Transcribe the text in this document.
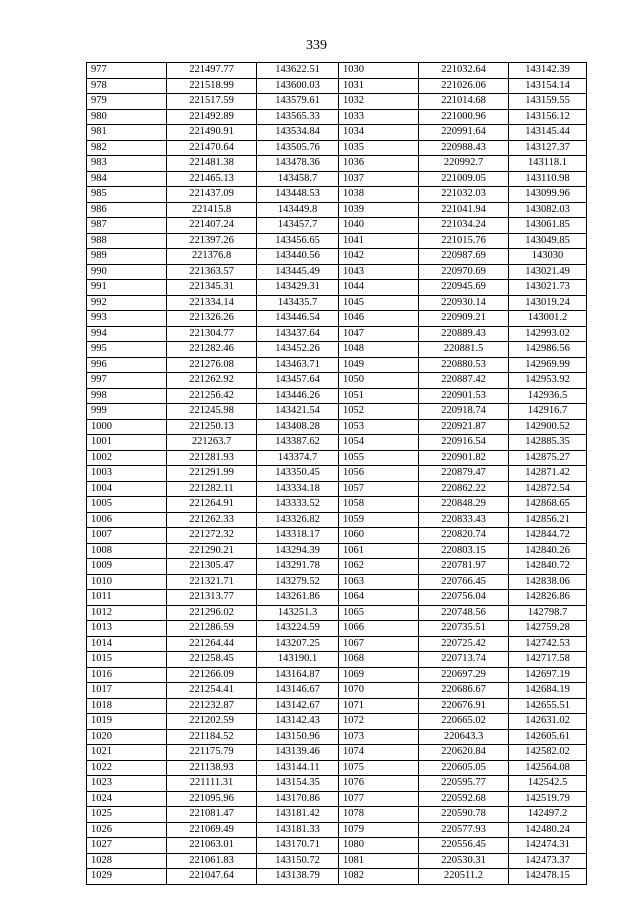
339
977	221497.77	143622.51	1030	221032.64	143142.39
978	221518.99	143600.03	1031	221026.06	143154.14
979	221517.59	143579.61	1032	221014.68	143159.55
980	221492.89	143565.33	1033	221000.96	143156.12
981	221490.91	143534.84	1034	220991.64	143145.44
982	221470.64	143505.76	1035	220988.43	143127.37
983	221481.38	143478.36	1036	220992.7	143118.1
984	221465.13	143458.7	1037	221009.05	143110.98
985	221437.09	143448.53	1038	221032.03	143099.96
986	221415.8	143449.8	1039	221041.94	143082.03
987	221407.24	143457.7	1040	221034.24	143061.85
988	221397.26	143456.65	1041	221015.76	143049.85
989	221376.8	143440.56	1042	220987.69	143030
990	221363.57	143445.49	1043	220970.69	143021.49
991	221345.31	143429.31	1044	220945.69	143021.73
992	221334.14	143435.7	1045	220930.14	143019.24
993	221326.26	143446.54	1046	220909.21	143001.2
994	221304.77	143437.64	1047	220889.43	142993.02
995	221282.46	143452.26	1048	220881.5	142986.56
996	221276.08	143463.71	1049	220880.53	142969.99
997	221262.92	143457.64	1050	220887.42	142953.92
998	221256.42	143446.26	1051	220901.53	142936.5
999	221245.98	143421.54	1052	220918.74	142916.7
1000	221250.13	143408.28	1053	220921.87	142900.52
1001	221263.7	143387.62	1054	220916.54	142885.35
1002	221281.93	143374.7	1055	220901.82	142875.27
1003	221291.99	143350.45	1056	220879.47	142871.42
1004	221282.11	143334.18	1057	220862.22	142872.54
1005	221264.91	143333.52	1058	220848.29	142868.65
1006	221262.33	143326.82	1059	220833.43	142856.21
1007	221272.32	143318.17	1060	220820.74	142844.72
1008	221290.21	143294.39	1061	220803.15	142840.26
1009	221305.47	143291.78	1062	220781.97	142840.72
1010	221321.71	143279.52	1063	220766.45	142838.06
1011	221313.77	143261.86	1064	220756.04	142826.86
1012	221296.02	143251.3	1065	220748.56	142798.7
1013	221286.59	143224.59	1066	220735.51	142759.28
1014	221264.44	143207.25	1067	220725.42	142742.53
1015	221258.45	143190.1	1068	220713.74	142717.58
1016	221266.09	143164.87	1069	220697.29	142697.19
1017	221254.41	143146.67	1070	220686.67	142684.19
1018	221232.87	143142.67	1071	220676.91	142655.51
1019	221202.59	143142.43	1072	220665.02	142631.02
1020	221184.52	143150.96	1073	220643.3	142605.61
1021	221175.79	143139.46	1074	220620.84	142582.02
1022	221138.93	143144.11	1075	220605.05	142564.08
1023	221111.31	143154.35	1076	220595.77	142542.5
1024	221095.96	143170.86	1077	220592.68	142519.79
1025	221081.47	143181.42	1078	220590.78	142497.2
1026	221069.49	143181.33	1079	220577.93	142480.24
1027	221063.01	143170.71	1080	220556.45	142474.31
1028	221061.83	143150.72	1081	220530.31	142473.37
1029	221047.64	143138.79	1082	220511.2	142478.15
